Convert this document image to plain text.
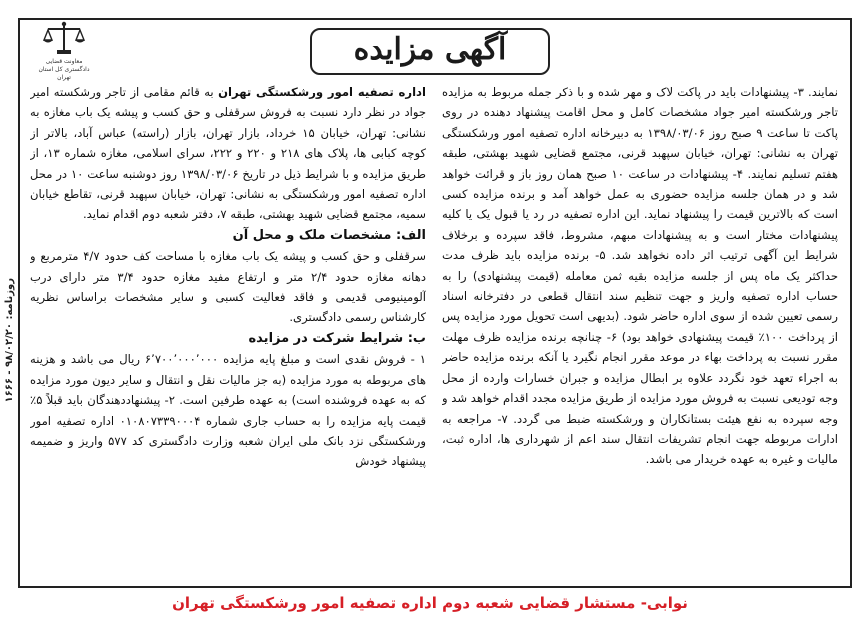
معاونت قضایی دادگستری کل استان تهران
آگهی مزایده
روزنامه: ۹۸/۰۲/۲۰ - ۱۶۶۶

اداره تصفیه امور ورشکستگی تهران به قائم مقامی از تاجر ورشکسته امیر جواد در نظر دارد نسبت به فروش سرقفلی و حق کسب و پیشه یک باب مغازه به نشانی: تهران، خیابان ۱۵ خرداد، بازار تهران، بازار (راسته) عباس آباد، بالاتر از کوچه کبابی ها، پلاک های ۲۱۸ و ۲۲۰ و ۲۲۲، سرای اسلامی، مغازه شماره ۱۳، از طریق مزایده و با شرایط ذیل در تاریخ ۱۳۹۸/۰۳/۰۶ روز دوشنبه ساعت ۱۰ در محل اداره تصفیه امور ورشکستگی به نشانی: تهران، خیابان سپهبد قرنی، تقاطع خیابان سمیه، مجتمع قضایی شهید بهشتی، طبقه ۷، دفتر شعبه دوم اقدام نماید.

الف: مشخصات ملک و محل آن

سرقفلی و حق کسب و پیشه یک باب مغازه با مساحت کف حدود ۴/۷ مترمربع و دهانه مغازه حدود ۲/۴ متر و ارتفاع مفید مغازه حدود ۳/۴ متر دارای درب آلومینیومی قدیمی و فاقد فعالیت کسبی و سایر مشخصات براساس نظریه کارشناس رسمی دادگستری.

ب: شرایط شرکت در مزایده

۱ - فروش نقدی است و مبلغ پایه مزایده ۶٬۷۰۰٬۰۰۰٬۰۰۰ ریال می باشد و هزینه های مربوطه به مورد مزایده (به جز مالیات نقل و انتقال و سایر دیون مورد مزایده که به عهده فروشنده است) به عهده طرفین است. ۲- پیشنهاددهندگان باید قبلاً ۵٪ قیمت پایه مزایده را به حساب جاری شماره ۰۱۰۸۰۷۳۳۹۰۰۰۴ اداره تصفیه امور ورشکستگی نزد بانک ملی ایران شعبه وزارت دادگستری کد ۵۷۷ واریز و ضمیمه پیشنهاد خودش

نمایند. ۳- پیشنهادات باید در پاکت لاک و مهر شده و با ذکر جمله مربوط به مزایده تاجر ورشکسته امیر جواد مشخصات کامل و محل اقامت پیشنهاد دهنده در روی پاکت تا ساعت ۹ صبح روز ۱۳۹۸/۰۳/۰۶ به دبیرخانه اداره تصفیه امور ورشکستگی تهران به نشانی: تهران، خیابان سپهبد قرنی، مجتمع قضایی شهید بهشتی، طبقه هفتم تسلیم نمایند. ۴- پیشنهادات در ساعت ۱۰ صبح همان روز باز و قرائت خواهد شد و در همان جلسه مزایده حضوری به عمل خواهد آمد و برنده مزایده کسی است که بالاترین قیمت را پیشنهاد نماید. این اداره تصفیه در رد یا قبول یک یا کلیه پیشنهادات مختار است و به پیشنهادات مبهم، مشروط، فاقد سپرده و برخلاف شرایط این آگهی ترتیب اثر داده نخواهد شد. ۵- برنده مزایده باید ظرف مدت حداکثر یک ماه پس از جلسه مزایده بقیه ثمن معامله (قیمت پیشنهادی) را به حساب اداره تصفیه واریز و جهت تنظیم سند انتقال قطعی در دفترخانه اسناد رسمی تعیین شده از سوی اداره حاضر شود. (بدیهی است تحویل مورد مزایده پس از پرداخت ۱۰۰٪ قیمت پیشنهادی خواهد بود) ۶- چنانچه برنده مزایده ظرف مهلت مقرر نسبت به پرداخت بهاء در موعد مقرر انجام نگیرد یا آنکه برنده مزایده حاضر به اجراء تعهد خود نگردد علاوه بر ابطال مزایده و جبران خسارات وارده از محل وجه تودیعی نسبت به فروش مورد مزایده از طریق مزایده مجدد اقدام خواهد شد و وجه سپرده به نفع هیئت بستانکاران و ورشکسته ضبط می گردد. ۷- مراجعه به ادارات مربوطه جهت انجام تشریفات انتقال سند اعم از شهرداری ها، اداره ثبت، مالیات و غیره به عهده خریدار می باشد.

نوابی- مستشار قضایی شعبه دوم اداره تصفیه امور ورشکستگی تهران
